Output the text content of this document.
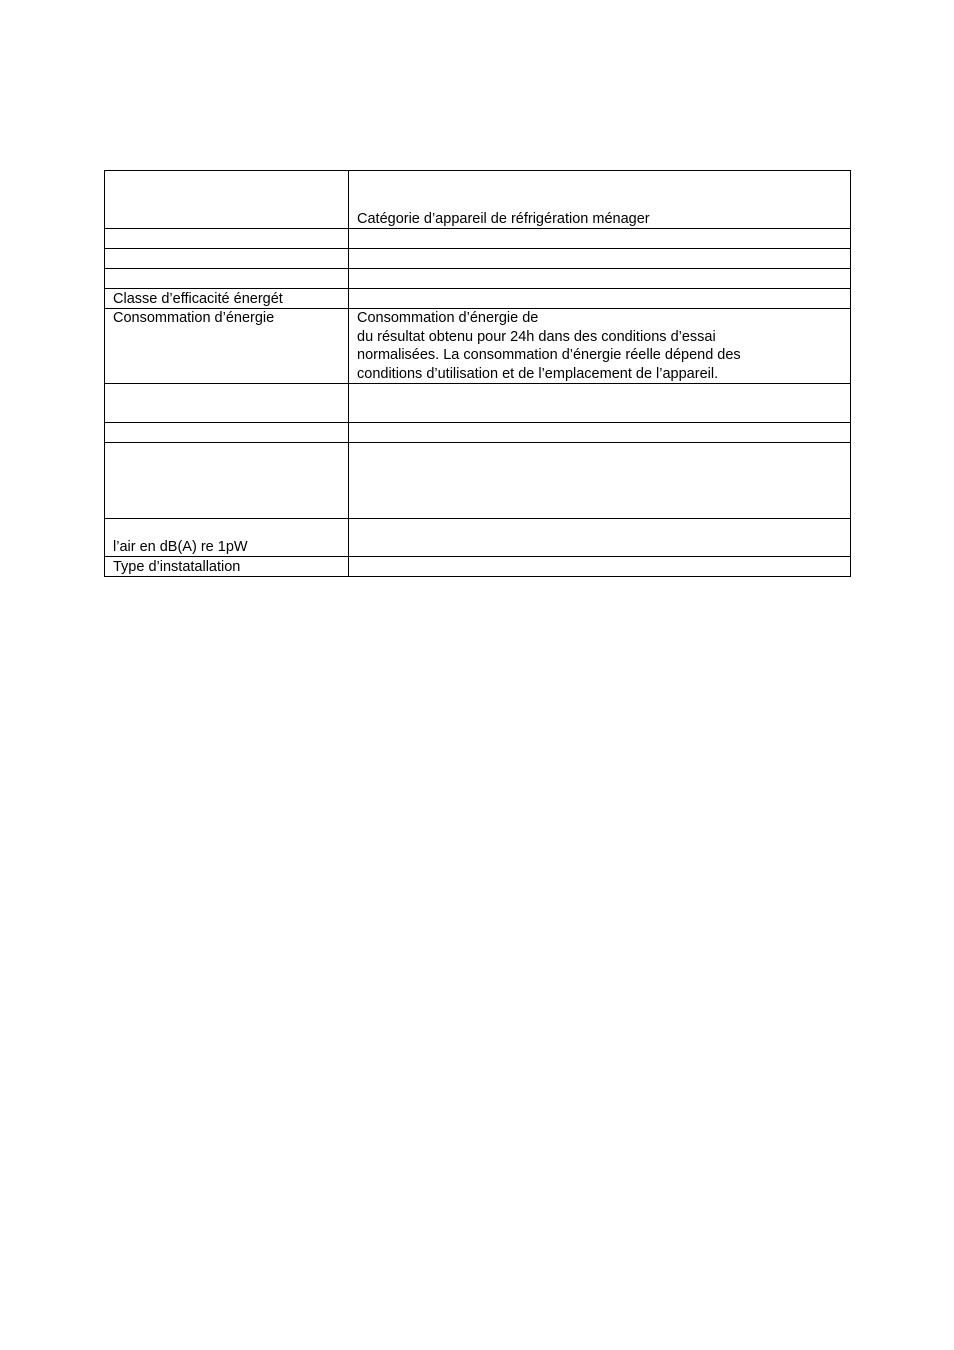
	Catégorie d’appareil de réfrigération ménager

Classe d’efficacité énergét	
Consommation d’énergie	Consommation d’énergie de
du résultat obtenu pour 24h dans des conditions d’essai
normalisées. La consommation d’énergie réelle dépend des
conditions d’utilisation et de l’emplacement de l’appareil.

l’air en dB(A) re 1pW	
Type d’instatallation	
